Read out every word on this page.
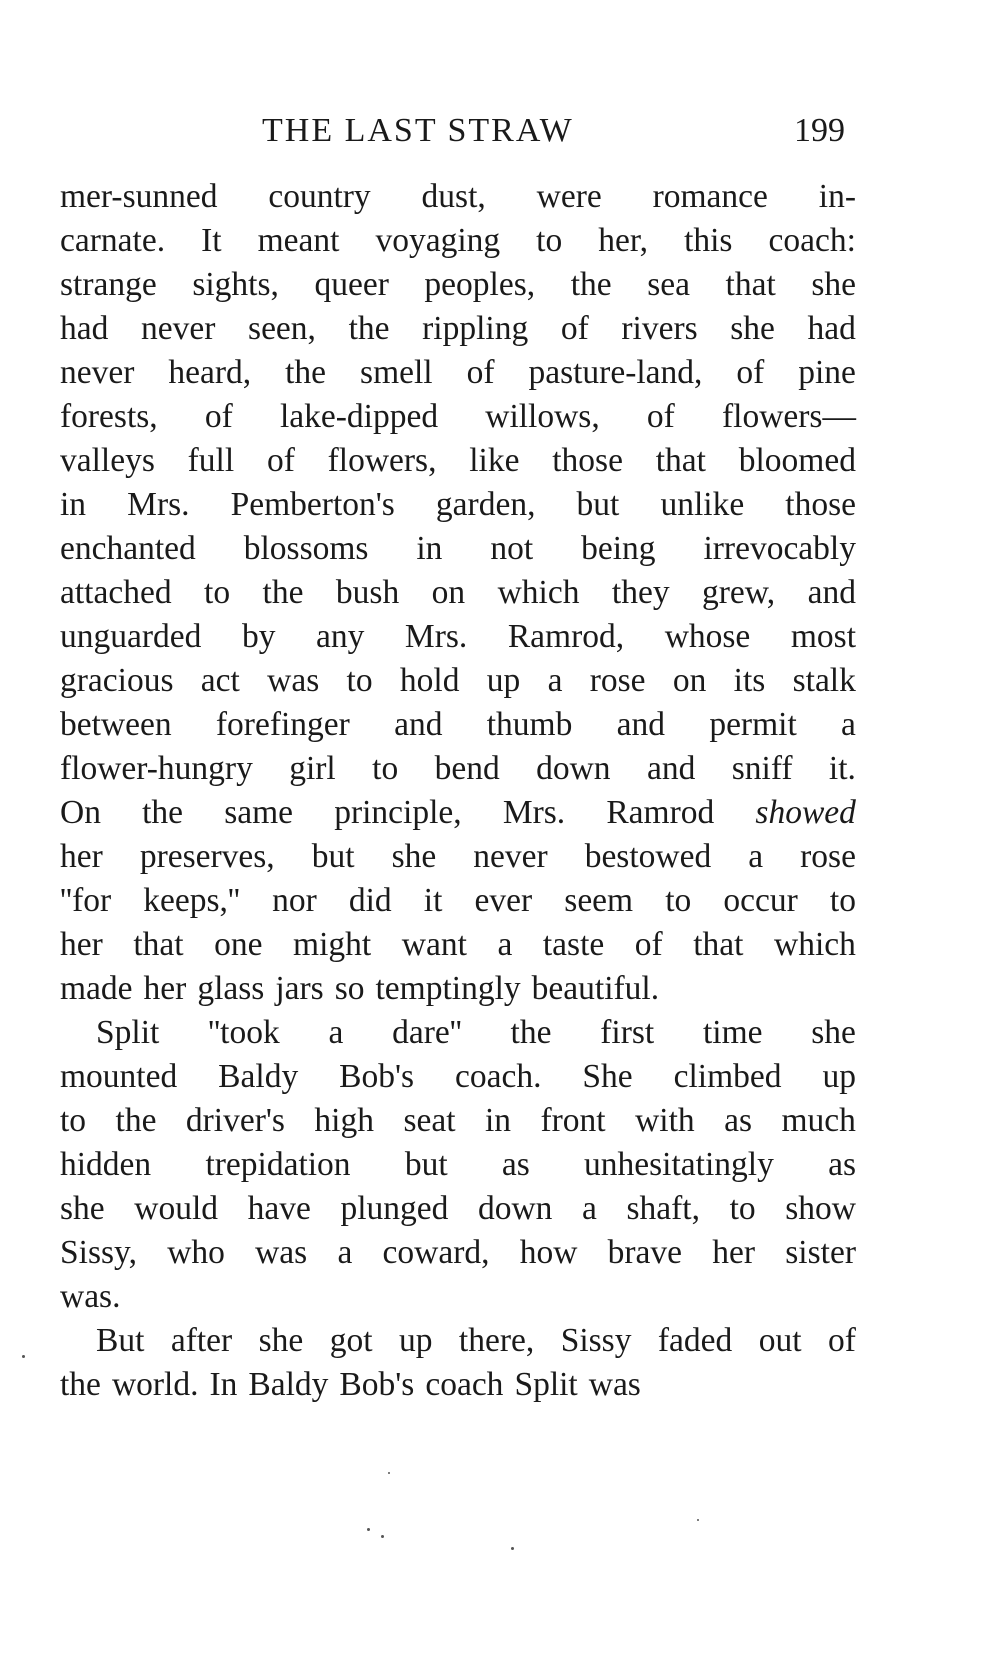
THE LAST STRAW	199
mer-sunned country dust, were romance in-
carnate. It meant voyaging to her, this coach:
strange sights, queer peoples, the sea that she
had never seen, the rippling of rivers she had
never heard, the smell of pasture-land, of pine
forests, of lake-dipped willows, of flowers—
valleys full of flowers, like those that bloomed
in Mrs. Pemberton's garden, but unlike those
enchanted blossoms in not being irrevocably
attached to the bush on which they grew, and
unguarded by any Mrs. Ramrod, whose most
gracious act was to hold up a rose on its stalk
between forefinger and thumb and permit a
flower-hungry girl to bend down and sniff it.
On the same principle, Mrs. Ramrod showed
her preserves, but she never bestowed a rose
''for keeps,'' nor did it ever seem to occur to
her that one might want a taste of that which
made her glass jars so temptingly beautiful.
Split ''took a dare'' the first time she
mounted Baldy Bob's coach. She climbed up
to the driver's high seat in front with as much
hidden trepidation but as unhesitatingly as
she would have plunged down a shaft, to show
Sissy, who was a coward, how brave her sister
was.
But after she got up there, Sissy faded out of
the world. In Baldy Bob's coach Split was
